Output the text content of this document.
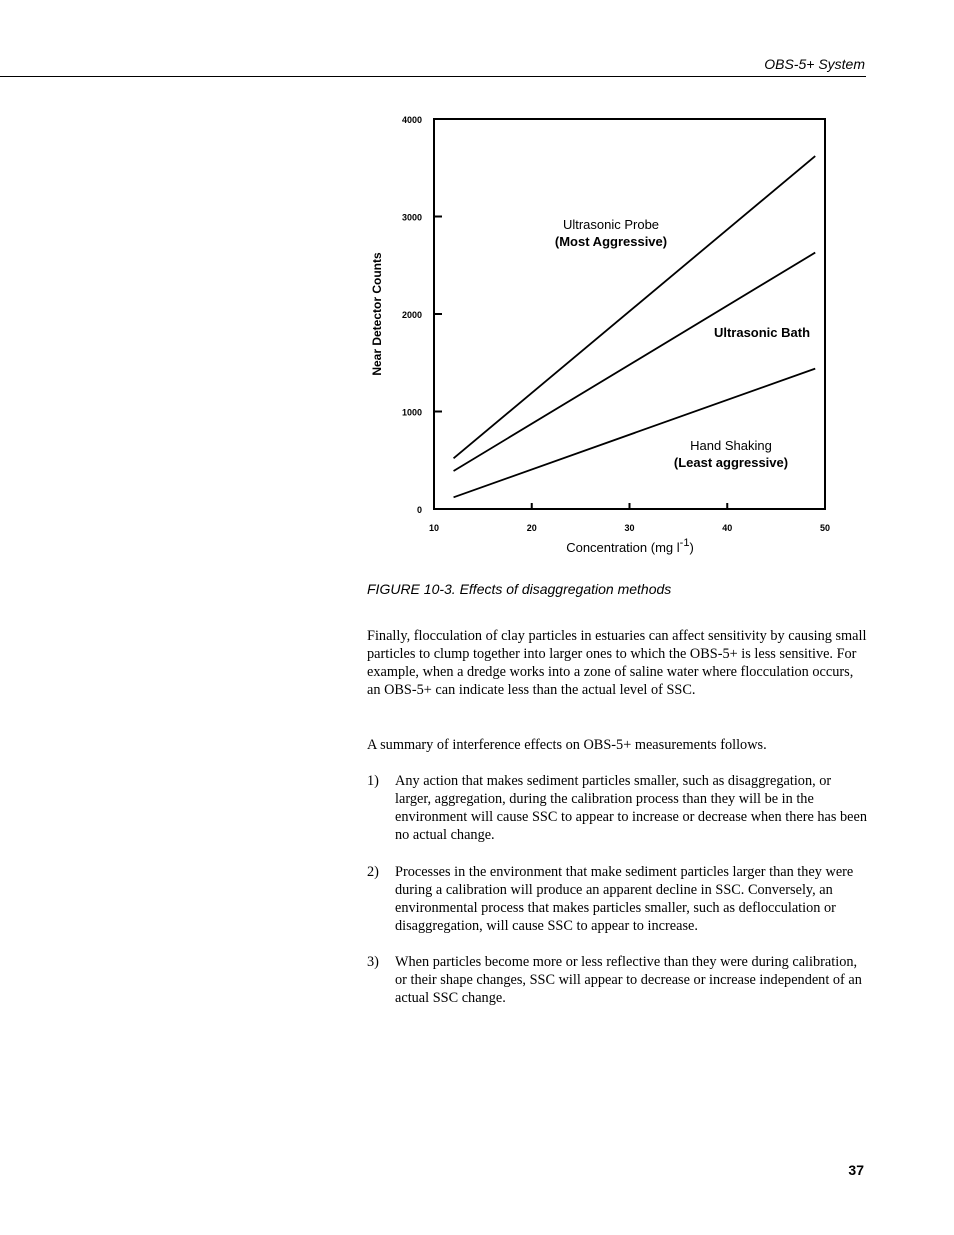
OBS-5+ System
0
1000
2000
3000
4000
10	20	30	40	50
Near Detector Counts
Concentration (mg $l^{-1}$)
Ultrasonic Probe
(Most Aggressive)
Ultrasonic Bath
Hand Shaking
(Least aggressive)
FIGURE 10-3. Effects of disaggregation methods

Finally, flocculation of clay particles in estuaries can affect sensitivity by causing small particles to clump together into larger ones to which the OBS-5+ is less sensitive. For example, when a dredge works into a zone of saline water where flocculation occurs, an OBS-5+ can indicate less than the actual level of SSC.

A summary of interference effects on OBS-5+ measurements follows.

1) Any action that makes sediment particles smaller, such as disaggregation, or larger, aggregation, during the calibration process than they will be in the environment will cause SSC to appear to increase or decrease when there has been no actual change.

2) Processes in the environment that make sediment particles larger than they were during a calibration will produce an apparent decline in SSC. Conversely, an environmental process that makes particles smaller, such as deflocculation or disaggregation, will cause SSC to appear to increase.

3) When particles become more or less reflective than they were during calibration, or their shape changes, SSC will appear to decrease or increase independent of an actual SSC change.

37
